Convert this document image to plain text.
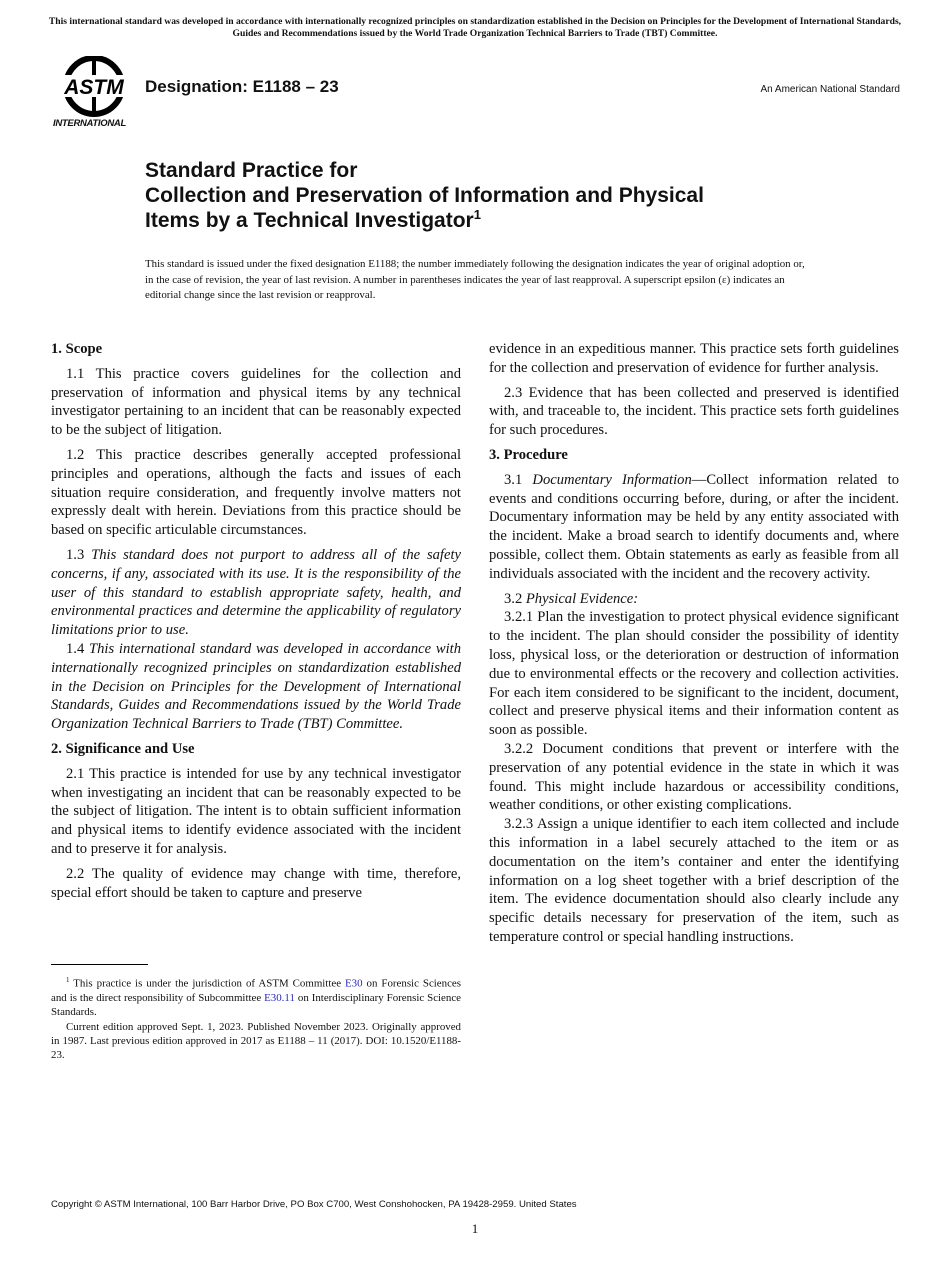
This international standard was developed in accordance with internationally recognized principles on standardization established in the Decision on Principles for the Development of International Standards, Guides and Recommendations issued by the World Trade Organization Technical Barriers to Trade (TBT) Committee.
ASTM
INTERNATIONAL
Designation: E1188 – 23	An American National Standard
Standard Practice for
Collection and Preservation of Information and Physical
Items by a Technical Investigator$^1$
This standard is issued under the fixed designation E1188; the number immediately following the designation indicates the year of original adoption or, in the case of revision, the year of last revision. A number in parentheses indicates the year of last reapproval. A superscript epsilon (ε) indicates an editorial change since the last revision or reapproval.
1. Scope

1.1 This practice covers guidelines for the collection and preservation of information and physical items by any technical investigator pertaining to an incident that can be reasonably expected to be the subject of litigation.

1.2 This practice describes generally accepted professional principles and operations, although the facts and issues of each situation require consideration, and frequently involve matters not expressly dealt with herein. Deviations from this practice should be based on specific articulable circumstances.

1.3 This standard does not purport to address all of the safety concerns, if any, associated with its use. It is the responsibility of the user of this standard to establish appropriate safety, health, and environmental practices and determine the applicability of regulatory limitations prior to use.

1.4 This international standard was developed in accordance with internationally recognized principles on standardization established in the Decision on Principles for the Development of International Standards, Guides and Recommendations issued by the World Trade Organization Technical Barriers to Trade (TBT) Committee.

2. Significance and Use

2.1 This practice is intended for use by any technical investigator when investigating an incident that can be reasonably expected to be the subject of litigation. The intent is to obtain sufficient information and physical items to identify evidence associated with the incident and to preserve it for analysis.

2.2 The quality of evidence may change with time, therefore, special effort should be taken to capture and preserve

evidence in an expeditious manner. This practice sets forth guidelines for the collection and preservation of evidence for further analysis.

2.3 Evidence that has been collected and preserved is identified with, and traceable to, the incident. This practice sets forth guidelines for such procedures.

3. Procedure

3.1 Documentary Information—Collect information related to events and conditions occurring before, during, or after the incident. Documentary information may be held by any entity associated with the incident. Make a broad search to identify documents and, where possible, collect them. Obtain statements as early as feasible from all individuals associated with the incident and the recovery activity.

3.2 Physical Evidence:

3.2.1 Plan the investigation to protect physical evidence significant to the incident. The plan should consider the possibility of identity loss, physical loss, or the deterioration or destruction of information due to environmental effects or the recovery and collection activities. For each item considered to be significant to the incident, document, collect and preserve physical items and their information content as soon as possible.

3.2.2 Document conditions that prevent or interfere with the preservation of any potential evidence in the state in which it was found. This might include hazardous or accessibility conditions, weather conditions, or other existing complications.

3.2.3 Assign a unique identifier to each item collected and include this information in a label securely attached to the item or as documentation on the item’s container and enter the identifying information on a log sheet together with a brief description of the item. The evidence documentation should also clearly include any specific details necessary for preservation of the item, such as temperature control or special handling instructions.

$^1$ This practice is under the jurisdiction of ASTM Committee E30 on Forensic Sciences and is the direct responsibility of Subcommittee E30.11 on Interdisciplinary Forensic Science Standards.

Current edition approved Sept. 1, 2023. Published November 2023. Originally approved in 1987. Last previous edition approved in 2017 as E1188 – 11 (2017). DOI: 10.1520/E1188-23.

Copyright © ASTM International, 100 Barr Harbor Drive, PO Box C700, West Conshohocken, PA 19428-2959. United States
1
